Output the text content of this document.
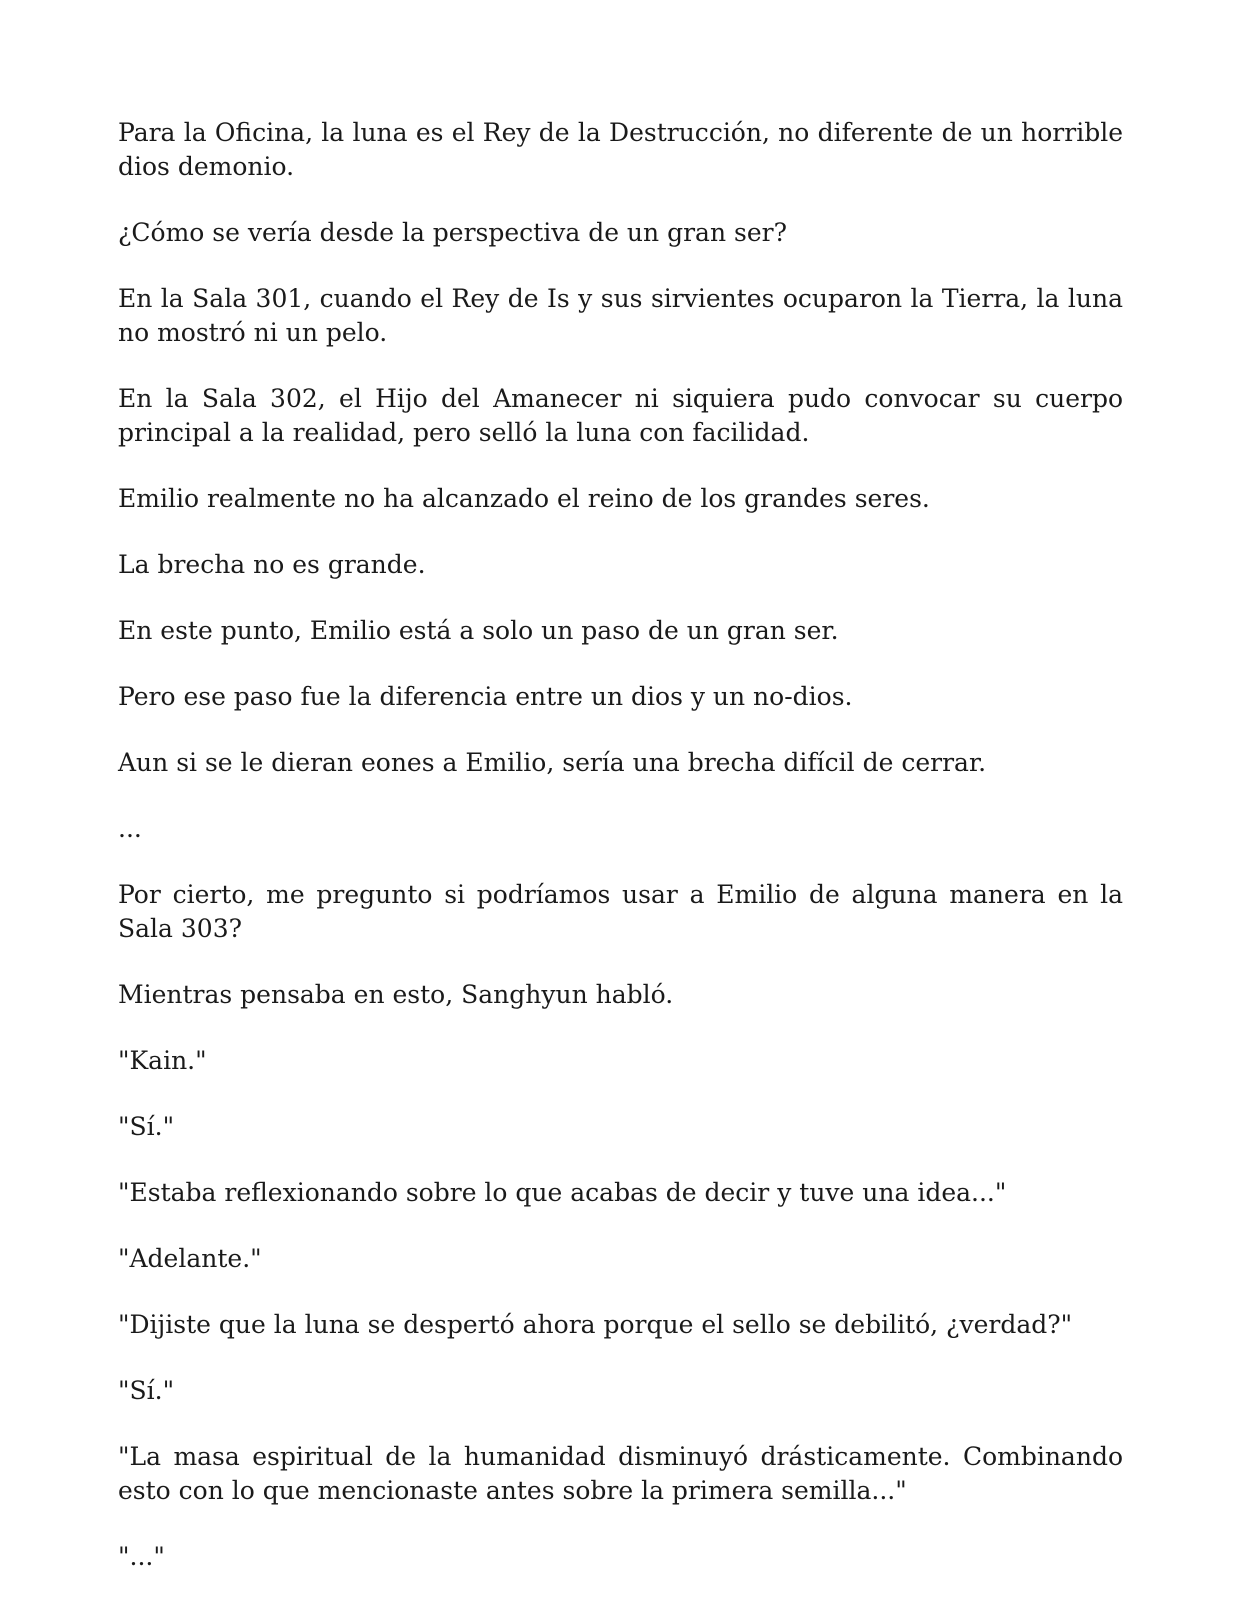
Para la Oficina, la luna es el Rey de la Destrucción, no diferente de un horrible dios demonio.

¿Cómo se vería desde la perspectiva de un gran ser?

En la Sala 301, cuando el Rey de Is y sus sirvientes ocuparon la Tierra, la luna no mostró ni un pelo.

En la Sala 302, el Hijo del Amanecer ni siquiera pudo convocar su cuerpo principal a la realidad, pero selló la luna con facilidad.

Emilio realmente no ha alcanzado el reino de los grandes seres.

La brecha no es grande.

En este punto, Emilio está a solo un paso de un gran ser.

Pero ese paso fue la diferencia entre un dios y un no-dios.

Aun si se le dieran eones a Emilio, sería una brecha difícil de cerrar.

...

Por cierto, me pregunto si podríamos usar a Emilio de alguna manera en la Sala 303?

Mientras pensaba en esto, Sanghyun habló.

"Kain."

"Sí."

"Estaba reflexionando sobre lo que acabas de decir y tuve una idea..."

"Adelante."

"Dijiste que la luna se despertó ahora porque el sello se debilitó, ¿verdad?"

"Sí."

"La masa espiritual de la humanidad disminuyó drásticamente. Combinando esto con lo que mencionaste antes sobre la primera semilla..."

"..."
